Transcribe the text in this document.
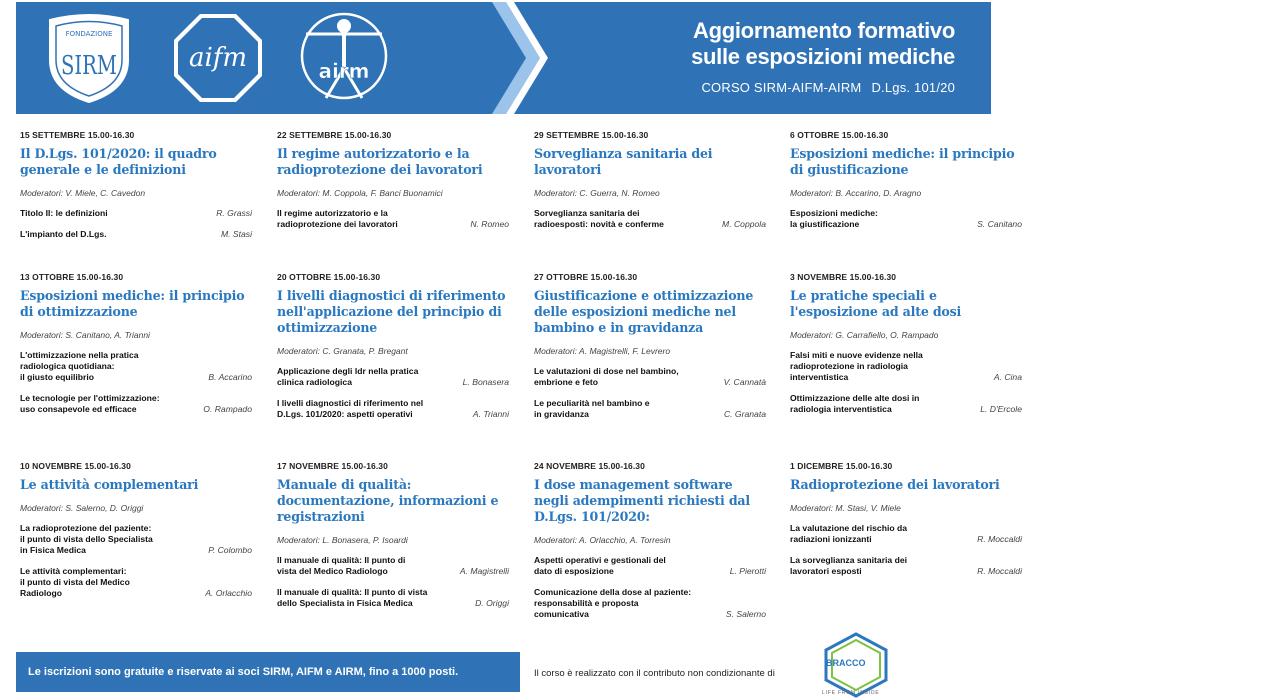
FONDAZIONE
SIRM	aifm	airm
Aggiornamento formativo
sulle esposizioni mediche
CORSO SIRM-AIFM-AIRM D.Lgs. 101/20
15 SETTEMBRE 15.00-16.30
Il D.Lgs. 101/2020: il quadro generale e le definizioni
Moderatori: V. Miele, C. Cavedon
Titolo II: le definizioni	R. Grassi
L'impianto del D.Lgs.	M. Stasi
22 SETTEMBRE 15.00-16.30
Il regime autorizzatorio e la radioprotezione dei lavoratori
Moderatori: M. Coppola, F. Banci Buonamici
Il regime autorizzatorio e la
radioprotezione dei lavoratori	N. Romeo
29 SETTEMBRE 15.00-16.30
Sorveglianza sanitaria dei lavoratori
Moderatori: C. Guerra, N. Romeo
Sorveglianza sanitaria dei
radioesposti: novità e conferme	M. Coppola
6 OTTOBRE 15.00-16.30
Esposizioni mediche: il principio di giustificazione
Moderatori: B. Accarino, D. Aragno
Esposizioni mediche:
la giustificazione	S. Canitano
13 OTTOBRE 15.00-16.30
Esposizioni mediche: il principio di ottimizzazione
Moderatori: S. Canitano, A. Trianni
L'ottimizzazione nella pratica
radiologica quotidiana:
il giusto equilibrio	B. Accarino
Le tecnologie per l'ottimizzazione:
uso consapevole ed efficace	O. Rampado
20 OTTOBRE 15.00-16.30
I livelli diagnostici di riferimento nell'applicazione del principio di ottimizzazione
Moderatori: C. Granata, P. Bregant
Applicazione degli ldr nella pratica
clinica radiologica	L. Bonasera
I livelli diagnostici di riferimento nel
D.Lgs. 101/2020: aspetti operativi	A. Trianni
27 OTTOBRE 15.00-16.30
Giustificazione e ottimizzazione delle esposizioni mediche nel bambino e in gravidanza
Moderatori: A. Magistrelli, F. Levrero
Le valutazioni di dose nel bambino,
embrione e feto	V. Cannatà
Le peculiarità nel bambino e
in gravidanza	C. Granata
3 NOVEMBRE 15.00-16.30
Le pratiche speciali e l'esposizione ad alte dosi
Moderatori: G. Carrafiello, O. Rampado
Falsi miti e nuove evidenze nella
radioprotezione in radiologia
interventistica	A. Cina
Ottimizzazione delle alte dosi in
radiologia interventistica	L. D'Ercole
10 NOVEMBRE 15.00-16.30
Le attività complementari
Moderatori: S. Salerno, D. Origgi
La radioprotezione del paziente:
il punto di vista dello Specialista
in Fisica Medica	P. Colombo
Le attività complementari:
il punto di vista del Medico
Radiologo	A. Orlacchio
17 NOVEMBRE 15.00-16.30
Manuale di qualità: documentazione, informazioni e registrazioni
Moderatori: L. Bonasera, P. Isoardi
Il manuale di qualità: Il punto di
vista del Medico Radiologo	A. Magistrelli
Il manuale di qualità: Il punto di vista
dello Specialista in Fisica Medica	D. Origgi
24 NOVEMBRE 15.00-16.30
I dose management software negli adempimenti richiesti dal D.Lgs. 101/2020:
Moderatori: A. Orlacchio, A. Torresin
Aspetti operativi e gestionali del
dato di esposizione	L. Pierotti
Comunicazione della dose al paziente:
responsabilità e proposta
comunicativa	S. Salerno
1 DICEMBRE 15.00-16.30
Radioprotezione dei lavoratori
Moderatori: M. Stasi, V. Miele
La valutazione del rischio da
radiazioni ionizzanti	R. Moccaldi
La sorveglianza sanitaria dei
lavoratori esposti	R. Moccaldi
Le iscrizioni sono gratuite e riservate ai soci SIRM, AIFM e AIRM, fino a 1000 posti.	Il corso è realizzato con il contributo non condizionante di
BRACCO
LIFE FROM INSIDE
